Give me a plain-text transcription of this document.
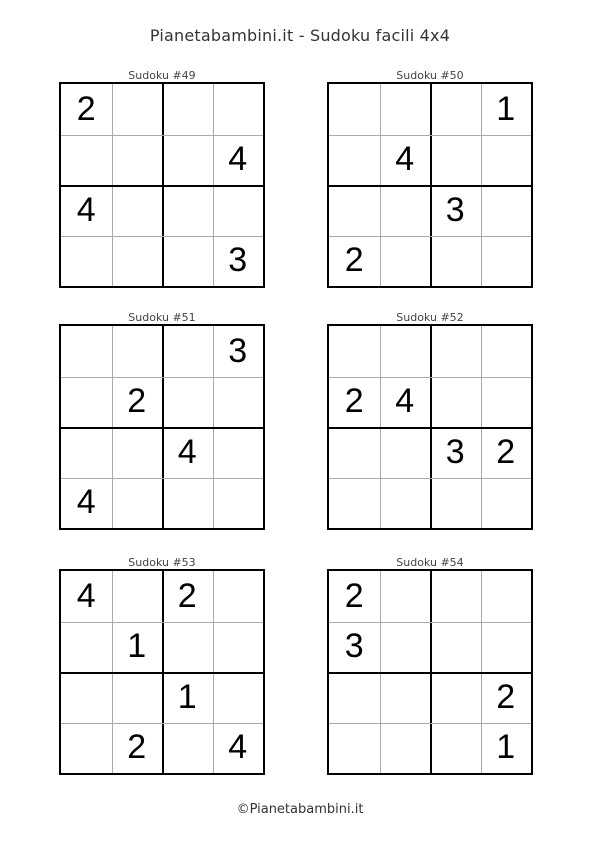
Pianetabambini.it - Sudoku facili 4x4
Sudoku #49
2
4
4
3
Sudoku #50
1
4
3
2
Sudoku #51
3
2
4
4
Sudoku #52
2 4
3 2
Sudoku #53
4	2
1
1
2	4
Sudoku #54
2
3
2
1
©Pianetabambini.it
